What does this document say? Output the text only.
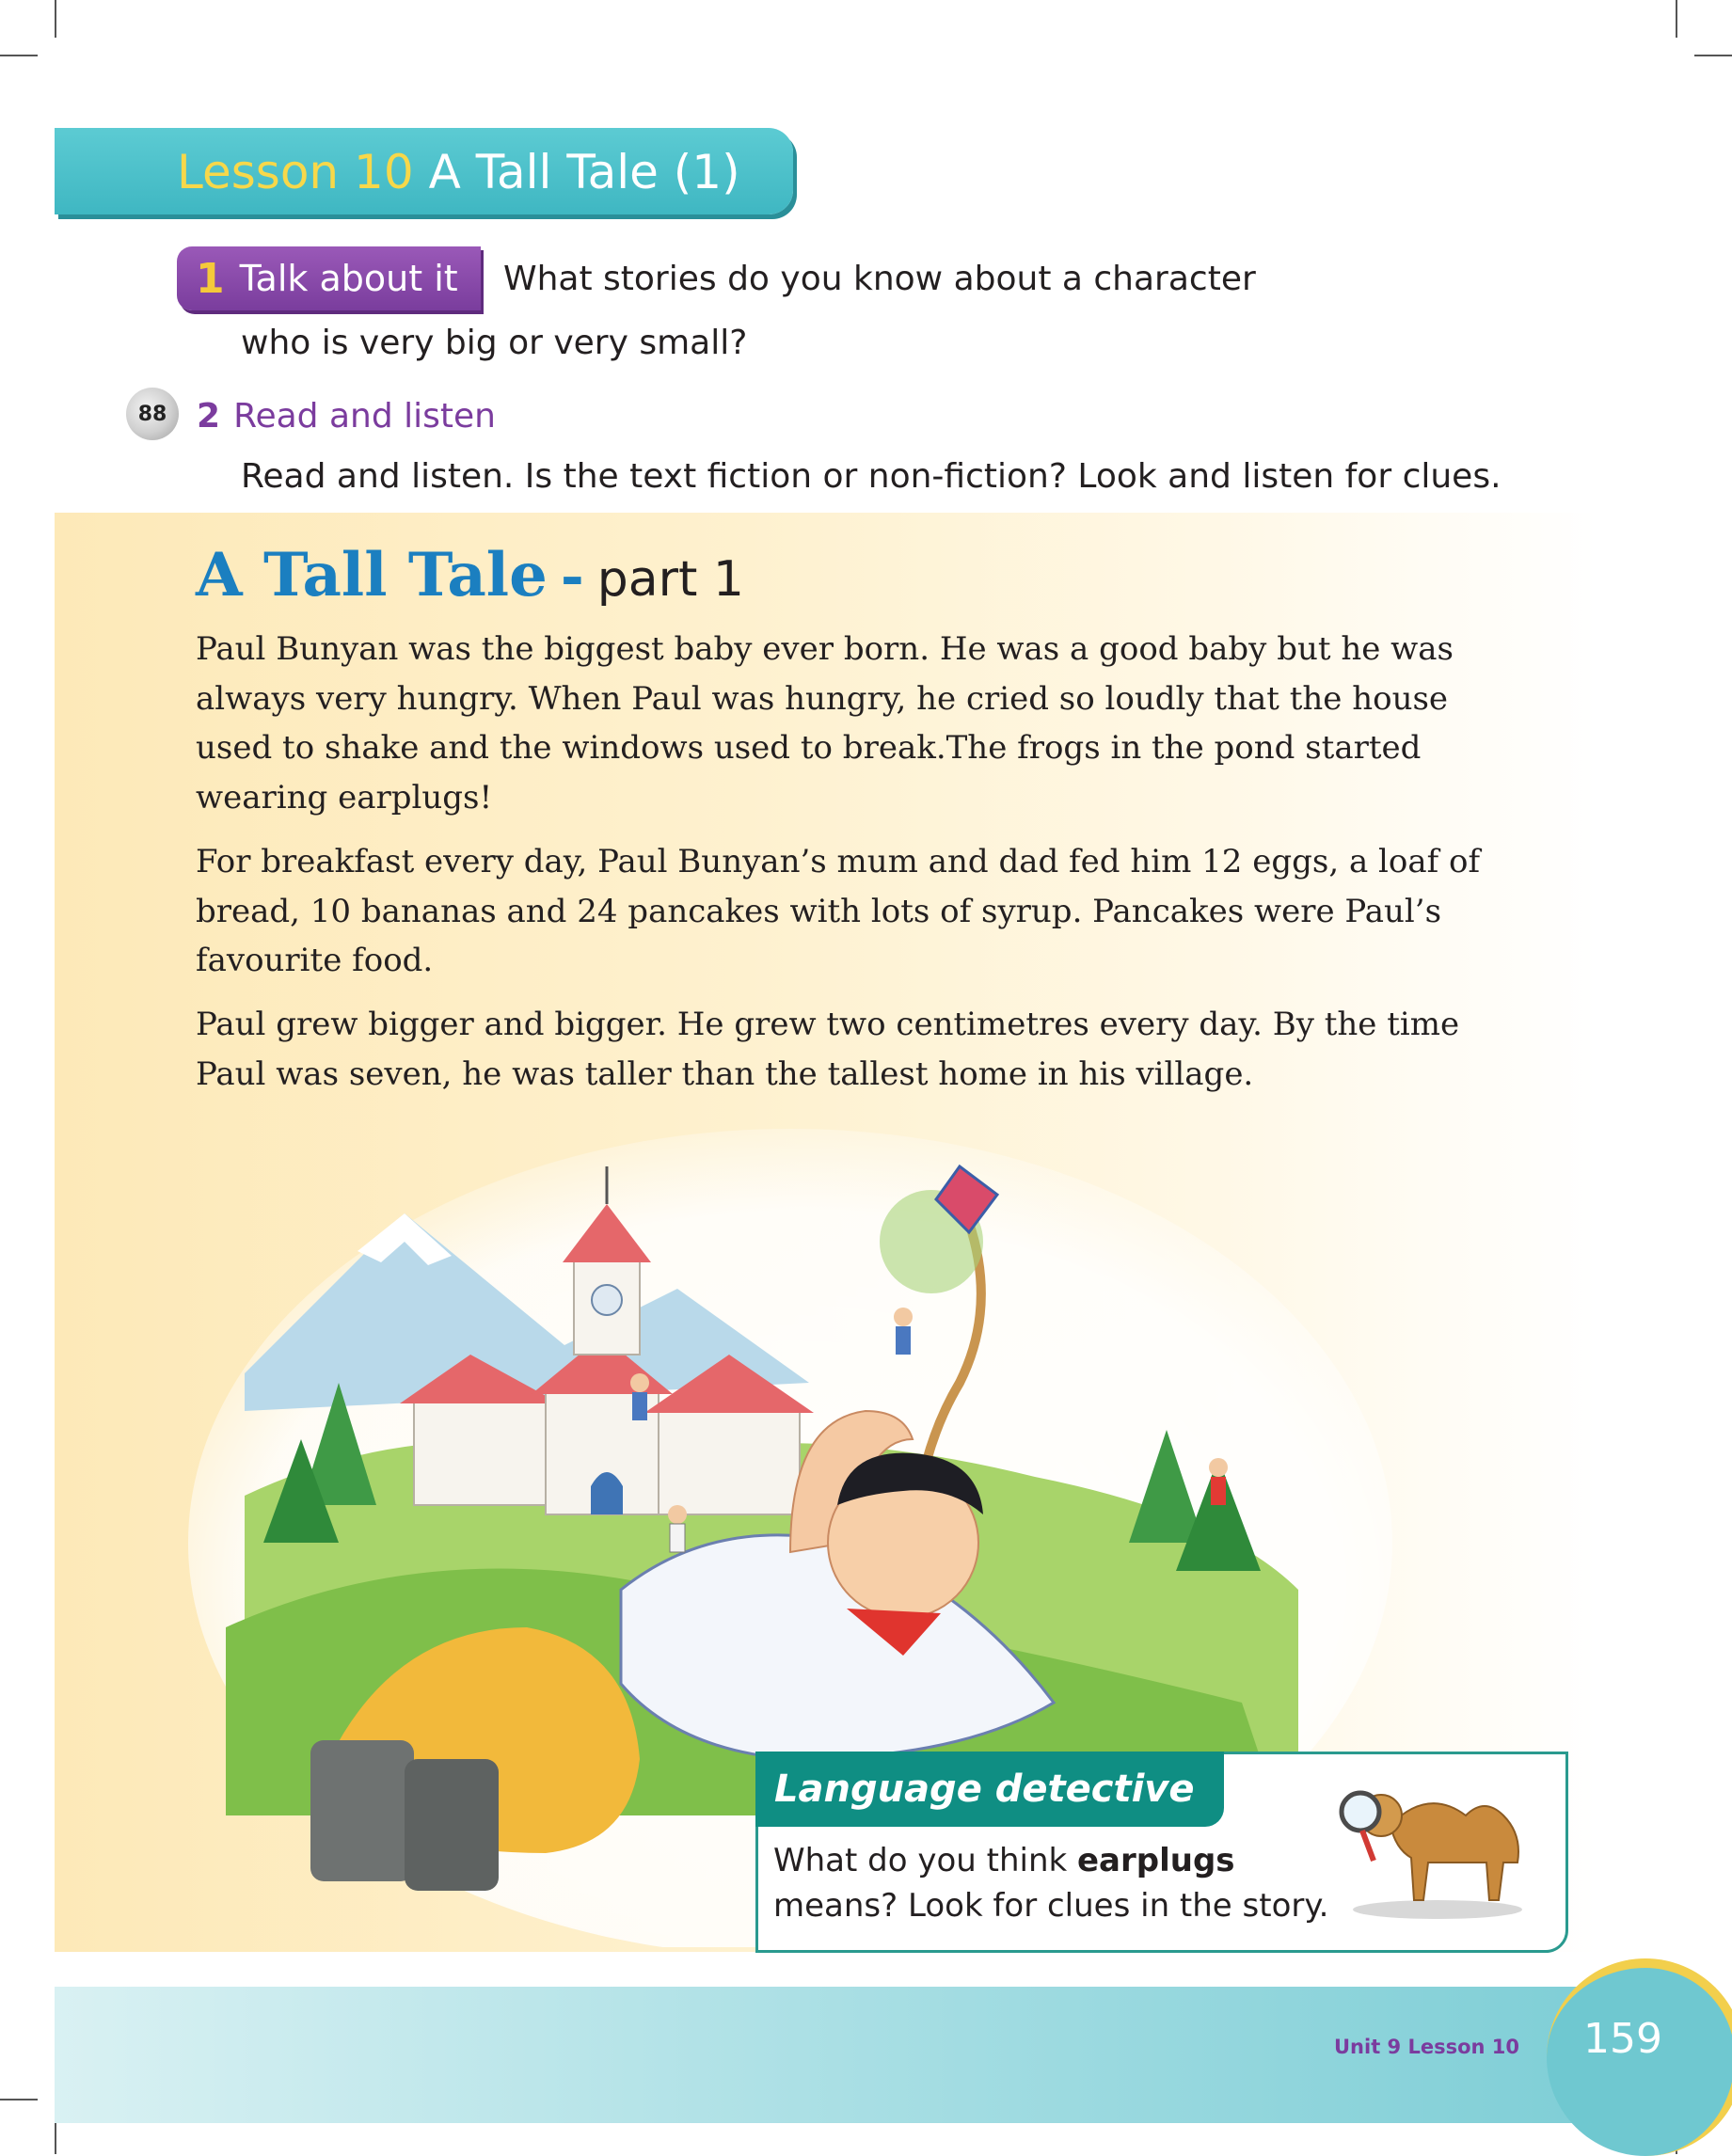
Lesson 10 A Tall Tale (1)
1 Talk about it What stories do you know about a character
who is very big or very small?
88 2 Read and listen
Read and listen. Is the text fiction or non-fiction? Look and listen for clues.
A Tall Tale - part 1
Paul Bunyan was the biggest baby ever born. He was a good baby but he was always very hungry. When Paul was hungry, he cried so loudly that the house used to shake and the windows used to break.The frogs in the pond started wearing earplugs!
For breakfast every day, Paul Bunyan’s mum and dad fed him 12 eggs, a loaf of bread, 10 bananas and 24 pancakes with lots of syrup. Pancakes were Paul’s favourite food.
Paul grew bigger and bigger. He grew two centimetres every day. By the time Paul was seven, he was taller than the tallest home in his village.
Language detective
What do you think earplugs
means? Look for clues in the story.
Unit 9 Lesson 10 159
